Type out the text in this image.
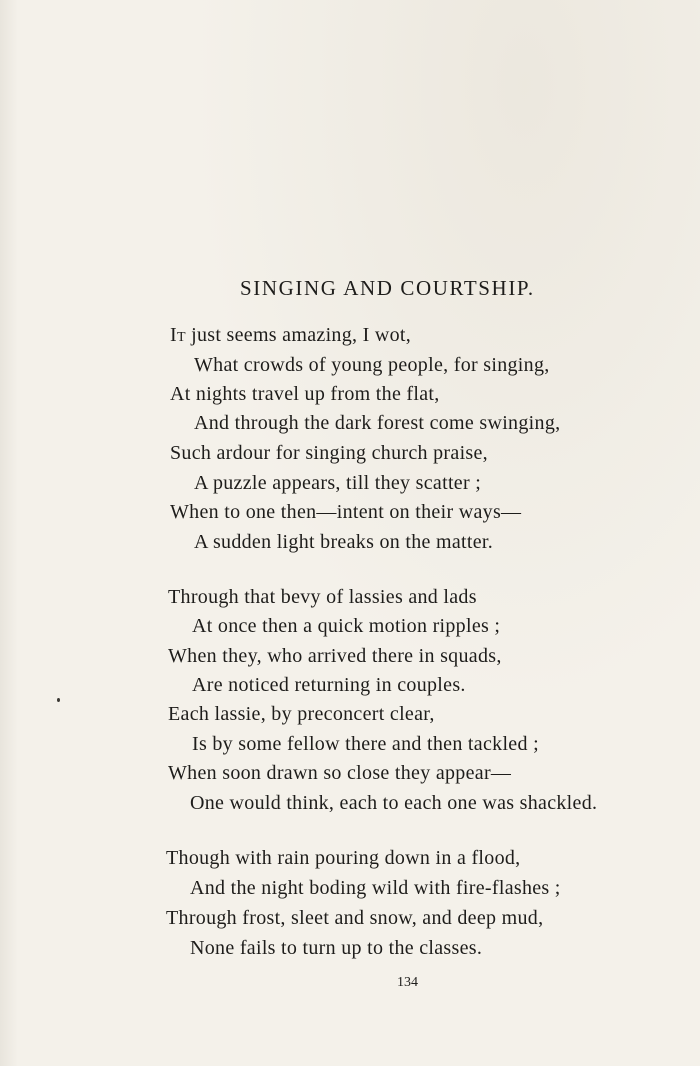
SINGING AND COURTSHIP.
It just seems amazing, I wot,
What crowds of young people, for singing,
At nights travel up from the flat,
And through the dark forest come swinging,
Such ardour for singing church praise,
A puzzle appears, till they scatter ;
When to one then—intent on their ways—
A sudden light breaks on the matter.
Through that bevy of lassies and lads
At once then a quick motion ripples ;
When they, who arrived there in squads,
Are noticed returning in couples.
Each lassie, by preconcert clear,
Is by some fellow there and then tackled ;
When soon drawn so close they appear—
One would think, each to each one was shackled.
Though with rain pouring down in a flood,
And the night boding wild with fire-flashes ;
Through frost, sleet and snow, and deep mud,
None fails to turn up to the classes.
134
